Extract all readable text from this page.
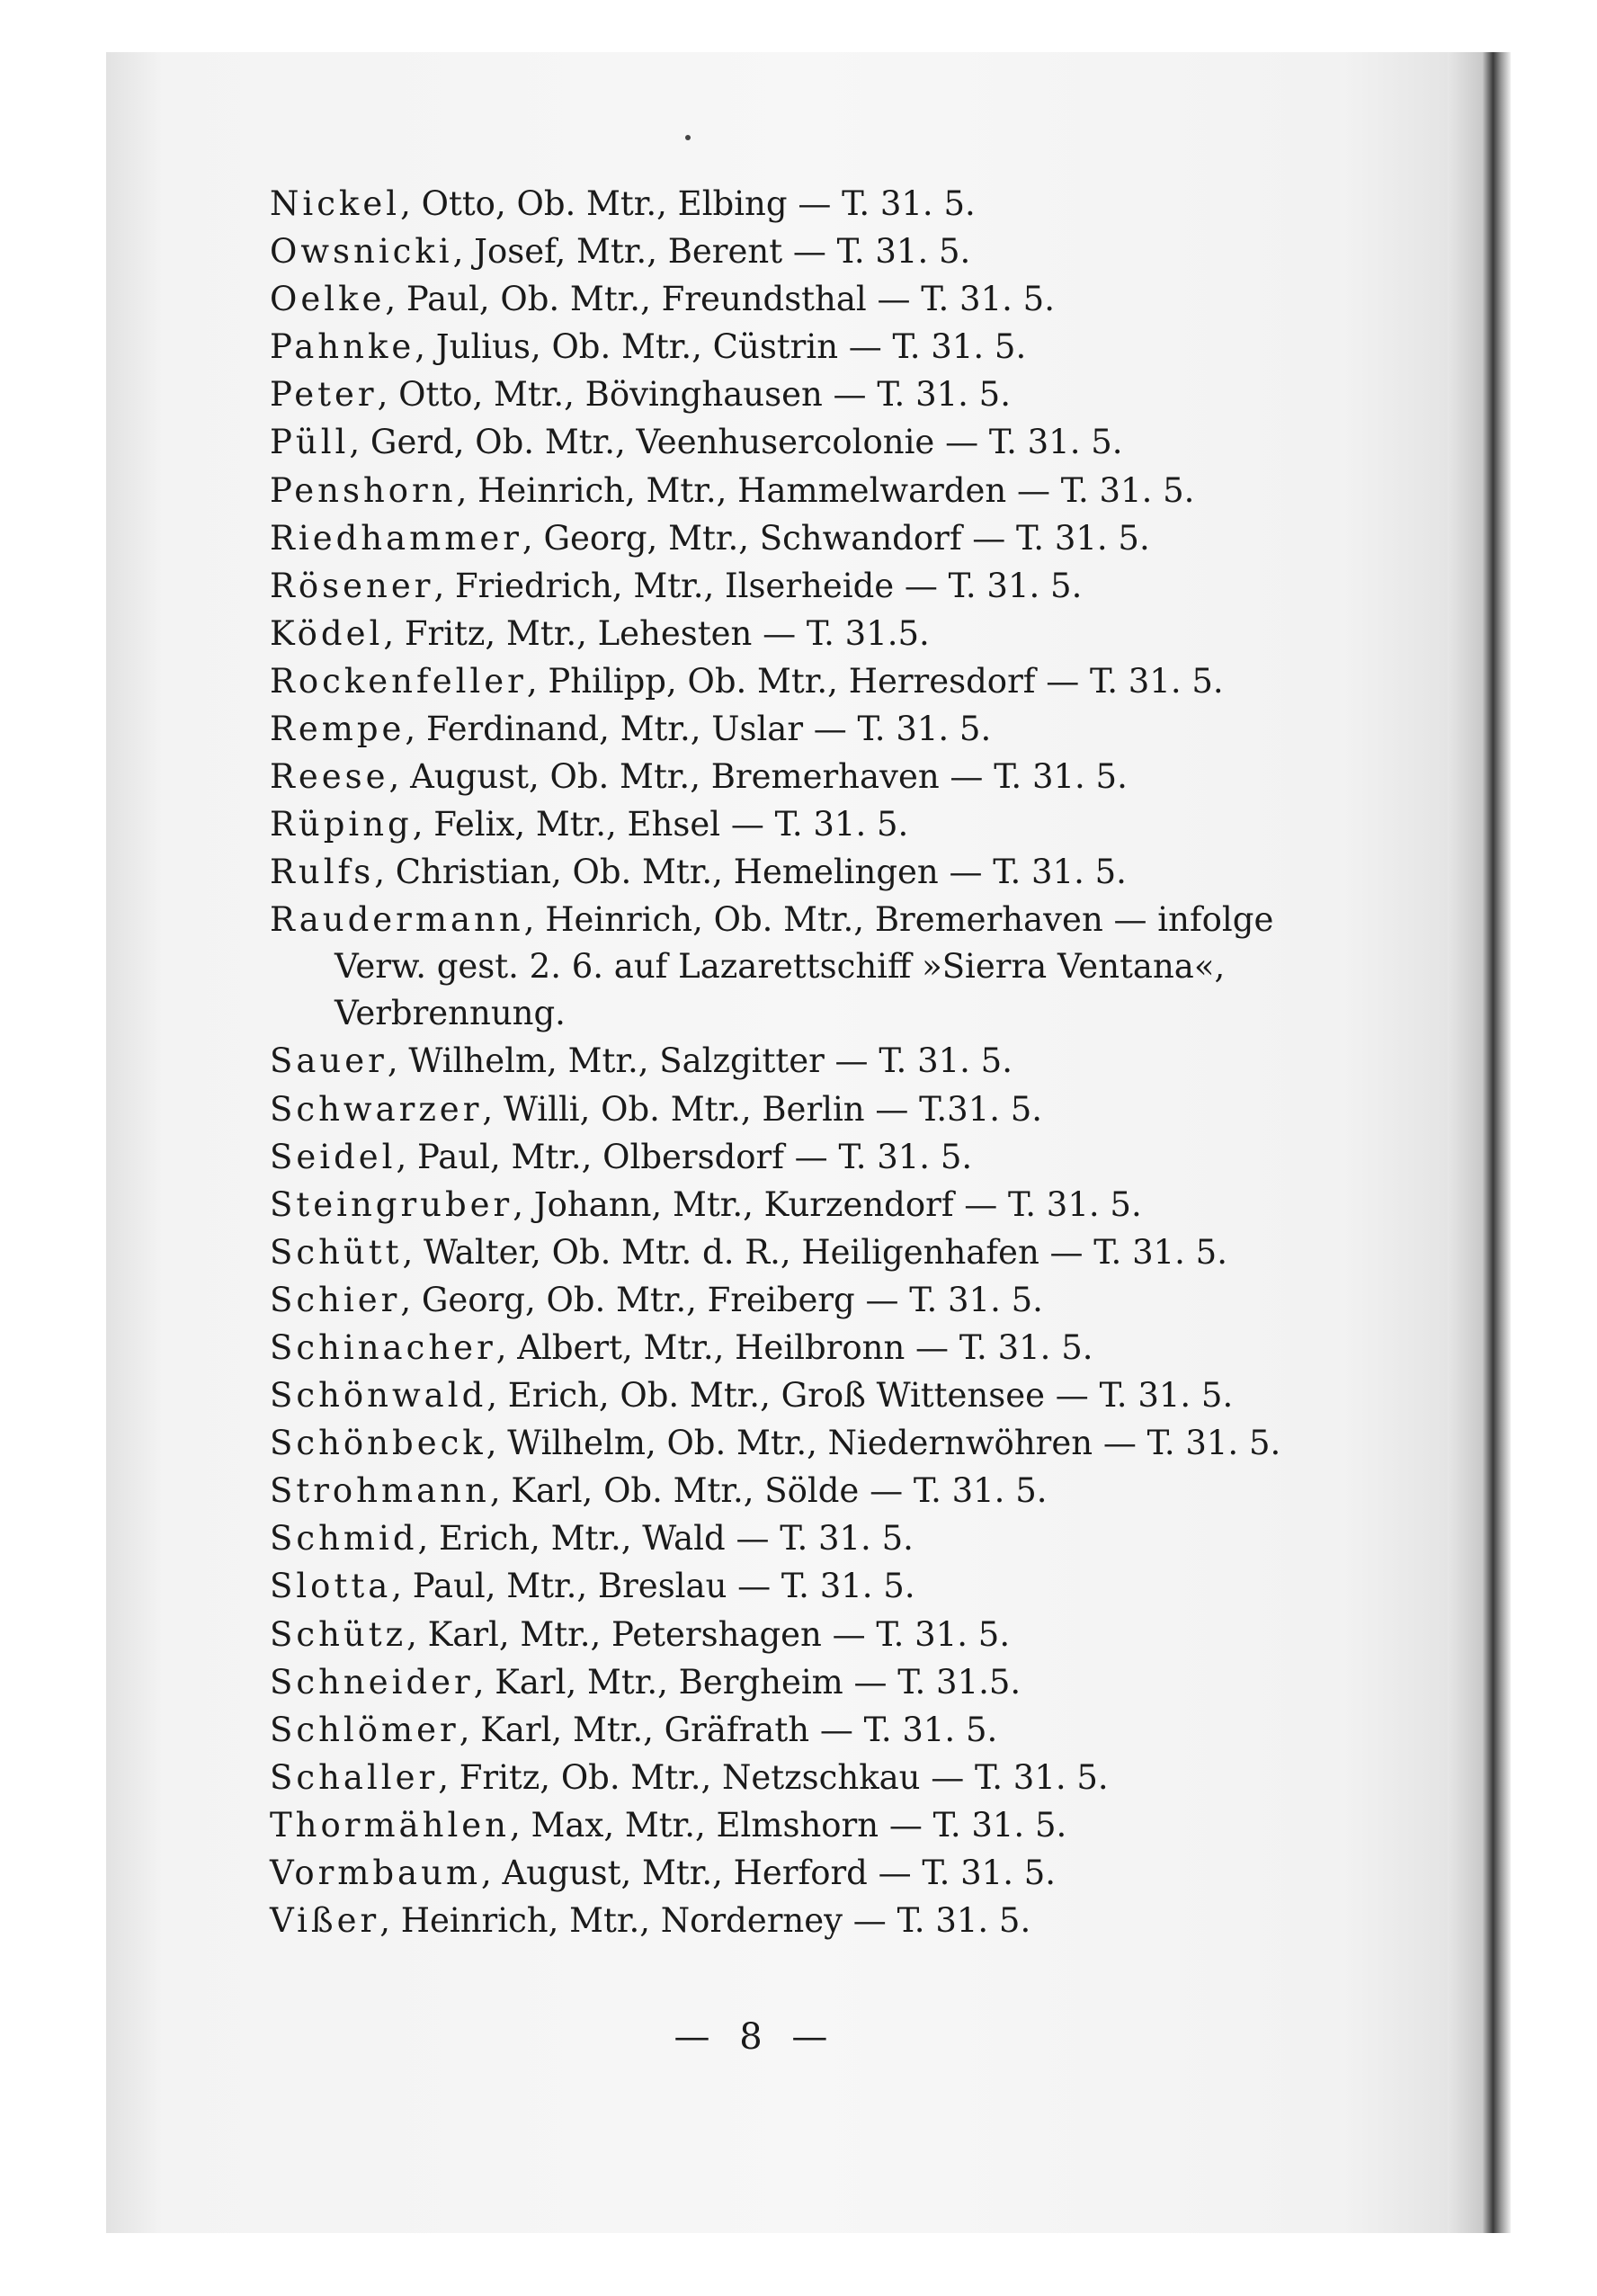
Nickel, Otto, Ob. Mtr., Elbing — T. 31. 5.
Owsnicki, Josef, Mtr., Berent — T. 31. 5.
Oelke, Paul, Ob. Mtr., Freundsthal — T. 31. 5.
Pahnke, Julius, Ob. Mtr., Cüstrin — T. 31. 5.
Peter, Otto, Mtr., Bövinghausen — T. 31. 5.
Püll, Gerd, Ob. Mtr., Veenhusercolonie — T. 31. 5.
Penshorn, Heinrich, Mtr., Hammelwarden — T. 31. 5.
Riedhammer, Georg, Mtr., Schwandorf — T. 31. 5.
Rösener, Friedrich, Mtr., Ilserheide — T. 31. 5.
Ködel, Fritz, Mtr., Lehesten — T. 31.5.
Rockenfeller, Philipp, Ob. Mtr., Herresdorf — T. 31. 5.
Rempe, Ferdinand, Mtr., Uslar — T. 31. 5.
Reese, August, Ob. Mtr., Bremerhaven — T. 31. 5.
Rüping, Felix, Mtr., Ehsel — T. 31. 5.
Rulfs, Christian, Ob. Mtr., Hemelingen — T. 31. 5.
Raudermann, Heinrich, Ob. Mtr., Bremerhaven — infolge
Verw. gest. 2. 6. auf Lazarettschiff »Sierra Ventana«, Verbrennung.
Sauer, Wilhelm, Mtr., Salzgitter — T. 31. 5.
Schwarzer, Willi, Ob. Mtr., Berlin — T.31. 5.
Seidel, Paul, Mtr., Olbersdorf — T. 31. 5.
Steingruber, Johann, Mtr., Kurzendorf — T. 31. 5.
Schütt, Walter, Ob. Mtr. d. R., Heiligenhafen — T. 31. 5.
Schier, Georg, Ob. Mtr., Freiberg — T. 31. 5.
Schinacher, Albert, Mtr., Heilbronn — T. 31. 5.
Schönwald, Erich, Ob. Mtr., Groß Wittensee — T. 31. 5.
Schönbeck, Wilhelm, Ob. Mtr., Niedernwöhren — T. 31. 5.
Strohmann, Karl, Ob. Mtr., Sölde — T. 31. 5.
Schmid, Erich, Mtr., Wald — T. 31. 5.
Slotta, Paul, Mtr., Breslau — T. 31. 5.
Schütz, Karl, Mtr., Petershagen — T. 31. 5.
Schneider, Karl, Mtr., Bergheim — T. 31.5.
Schlömer, Karl, Mtr., Gräfrath — T. 31. 5.
Schaller, Fritz, Ob. Mtr., Netzschkau — T. 31. 5.
Thormählen, Max, Mtr., Elmshorn — T. 31. 5.
Vormbaum, August, Mtr., Herford — T. 31. 5.
Vißer, Heinrich, Mtr., Norderney — T. 31. 5.
— 8 —
